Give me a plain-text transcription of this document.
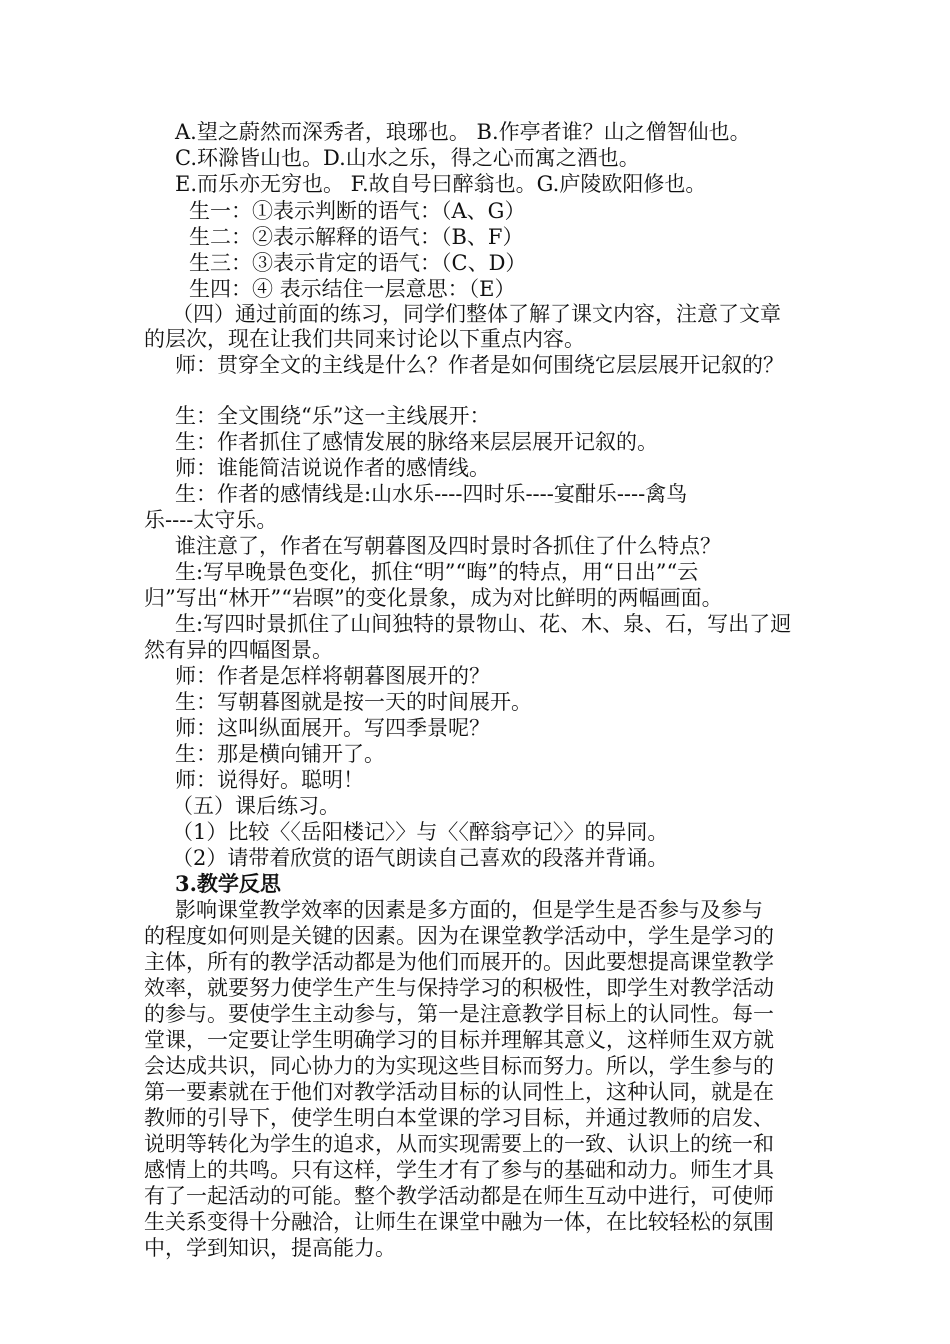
A.望之蔚然而深秀者，琅琊也。 B.作亭者谁？山之僧智仙也。
C.环滁皆山也。D.山水之乐，得之心而寓之酒也。
E.而乐亦无穷也。 F.故自号曰醉翁也。G.庐陵欧阳修也。
生一：①表示判断的语气：（A、G）
生二：②表示解释的语气：（B、F）
生三：③表示肯定的语气：（C、D）
生四：④ 表示结住一层意思：（E）
（四）通过前面的练习，同学们整体了解了课文内容，注意了文章
的层次，现在让我们共同来讨论以下重点内容。
师：贯穿全文的主线是什么？作者是如何围绕它层层展开记叙的？
生：全文围绕“乐”这一主线展开：
生：作者抓住了感情发展的脉络来层层展开记叙的。
师：谁能简洁说说作者的感情线。
生：作者的感情线是:山水乐----四时乐----宴酣乐----禽鸟
乐----太守乐。
谁注意了，作者在写朝暮图及四时景时各抓住了什么特点？
生:写早晚景色变化，抓住“明”“晦”的特点，用“日出”“云
归”写出“林开”“岩暝”的变化景象，成为对比鲜明的两幅画面。
生:写四时景抓住了山间独特的景物山、花、木、泉、石，写出了迥
然有异的四幅图景。
师：作者是怎样将朝暮图展开的？
生：写朝暮图就是按一天的时间展开。
师：这叫纵面展开。写四季景呢？
生：那是横向铺开了。
师：说得好。聪明！
（五）课后练习。
（1）比较〈〈岳阳楼记〉〉与〈〈醉翁亭记〉〉的异同。
（2）请带着欣赏的语气朗读自己喜欢的段落并背诵。
3.教学反思
影响课堂教学效率的因素是多方面的，但是学生是否参与及参与
的程度如何则是关键的因素。因为在课堂教学活动中，学生是学习的
主体，所有的教学活动都是为他们而展开的。因此要想提高课堂教学
效率，就要努力使学生产生与保持学习的积极性，即学生对教学活动
的参与。要使学生主动参与，第一是注意教学目标上的认同性。每一
堂课，一定要让学生明确学习的目标并理解其意义，这样师生双方就
会达成共识，同心协力的为实现这些目标而努力。所以，学生参与的
第一要素就在于他们对教学活动目标的认同性上，这种认同，就是在
教师的引导下，使学生明白本堂课的学习目标，并通过教师的启发、
说明等转化为学生的追求，从而实现需要上的一致、认识上的统一和
感情上的共鸣。只有这样，学生才有了参与的基础和动力。师生才具
有了一起活动的可能。整个教学活动都是在师生互动中进行，可使师
生关系变得十分融洽，让师生在课堂中融为一体，在比较轻松的氛围
中，学到知识，提高能力。
